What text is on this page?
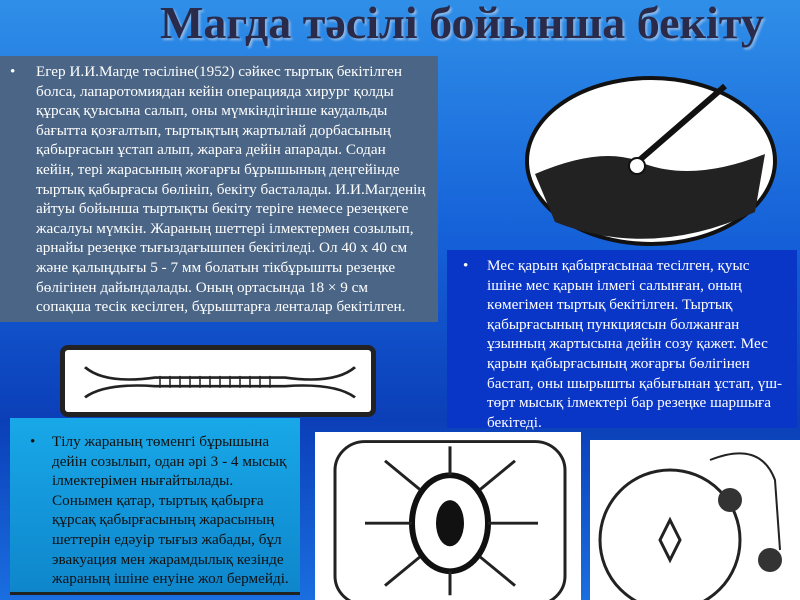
Магда тәсілі бойынша бекіту
• Егер И.И.Магде тәсіліне(1952) сәйкес тыртық бекітілген болса, лапаротомиядан кейін операцияда хирург қолды құрсақ қуысына салып, оны мүмкіндігінше каудальды бағытта қозғалтып, тыртықтың жартылай дорбасының қабырғасын ұстап алып, жараға дейін апарады. Содан кейін, тері жарасының жоғарғы бұрышының деңгейінде тыртық қабырғасы бөлініп, бекіту басталады. И.И.Магденің айтуы бойынша тыртықты бекіту теріге немесе резеңкеге жасалуы мүмкін. Жараның шеттері ілмектермен созылып, арнайы резеңке тығыздағышпен бекітіледі. Ол 40 х 40 см және қалыңдығы 5 - 7 мм болатын тікбұрышты резеңке бөлігінен дайындалады. Оның ортасында 18 × 9 см сопақша тесік кесілген, бұрыштарға ленталар бекітілген.
• Мес қарын қабырғасынаа тесілген, қуыс ішіне мес қарын ілмегі салынған, оның көмегімен тыртық бекітілген. Тыртық қабырғасының пункциясын болжанған ұзынның жартысына дейін созу қажет. Мес қарын қабырғасының жоғарғы бөлігінен бастап, оны шырышты қабығынан ұстап, үш-төрт мысық ілмектері бар резеңке шаршыға бекітеді.
• Тілу жараның төменгі бұрышына дейін созылып, одан әрі 3 - 4 мысық ілмектерімен нығайтылады. Сонымен қатар, тыртық қабырға құрсақ қабырғасының жарасының шеттерін едәуір тығыз жабады, бұл эвакуация мен жарамдылық кезінде жараның ішіне енуіне жол бермейді.
